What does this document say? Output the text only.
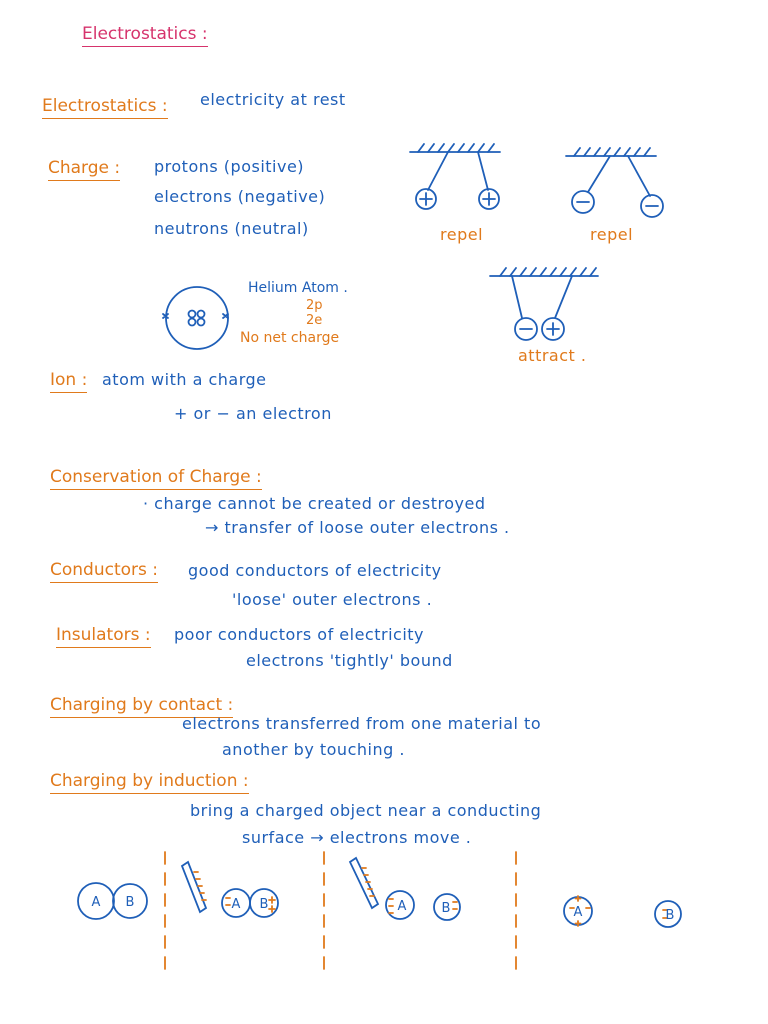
Electrostatics :
Electrostatics : electricity at rest
Charge : protons (positive)
electrons (negative)
neutrons (neutral)	repel	repel
attract .
Helium Atom .
2p
2e
No net charge
Ion : atom with a charge
+ or − an electron
Conservation of Charge :
· charge cannot be created or destroyed
→ transfer of loose outer electrons .
Conductors : good conductors of electricity
'loose' outer electrons .
Insulators : poor conductors of electricity
electrons 'tightly' bound
Charging by contact :
electrons transferred from one material to
another by touching .
Charging by induction :
bring a charged object near a conducting
surface → electrons move .
A B	A B	A	B	A	B
